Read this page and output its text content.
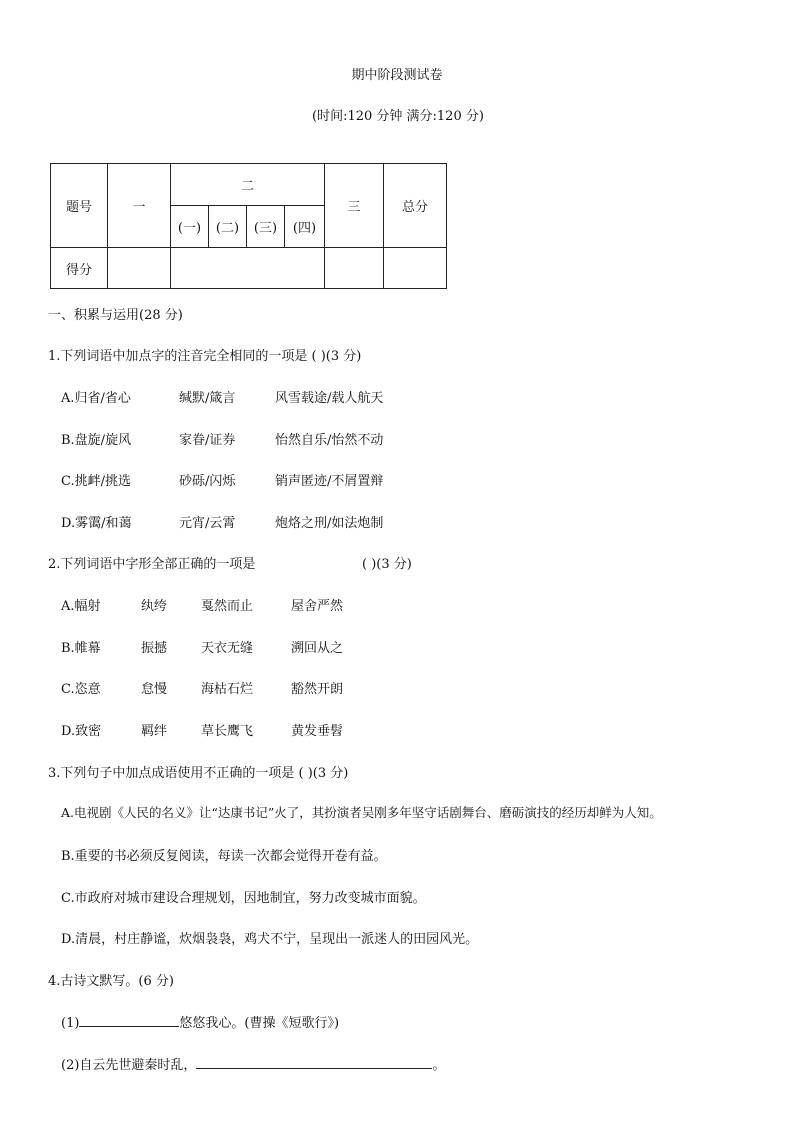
期中阶段测试卷
(时间:120 分钟 满分:120 分)
题号	一	二				三	总分
		(一)	(二)	(三)	(四)		
得分							
一、积累与运用(28 分)
1.下列词语中加点字的注音完全相同的一项是 ( )(3 分)
A.归省/省心	缄默/箴言	风雪载途/载人航天
B.盘旋/旋风	家眷/证券	怡然自乐/怡然不动
C.挑衅/挑选	砂砾/闪烁	销声匿迹/不屑置辩
D.雾霭/和蔼	元宵/云霄	炮烙之刑/如法炮制
2.下列词语中字形全部正确的一项是	( )(3 分)
A.幅射	纨绔	戛然而止	屋舍严然
B.帷幕	振撼	天衣无缝	溯回从之
C.恣意	怠慢	海枯石烂	豁然开朗
D.致密	羁绊	草长鹰飞	黄发垂髫
3.下列句子中加点成语使用不正确的一项是 ( )(3 分)
A.电视剧《人民的名义》让“达康书记”火了，其扮演者吴刚多年坚守话剧舞台、磨砺演技的经历却鲜为人知。
B.重要的书必须反复阅读，每读一次都会觉得开卷有益。
C.市政府对城市建设合理规划，因地制宜，努力改变城市面貌。
D.清晨，村庄静谧，炊烟袅袅，鸡犬不宁，呈现出一派迷人的田园风光。
4.古诗文默写。(6 分)
(1)	悠悠我心。(曹操《短歌行》)
(2)自云先世避秦时乱，	。
